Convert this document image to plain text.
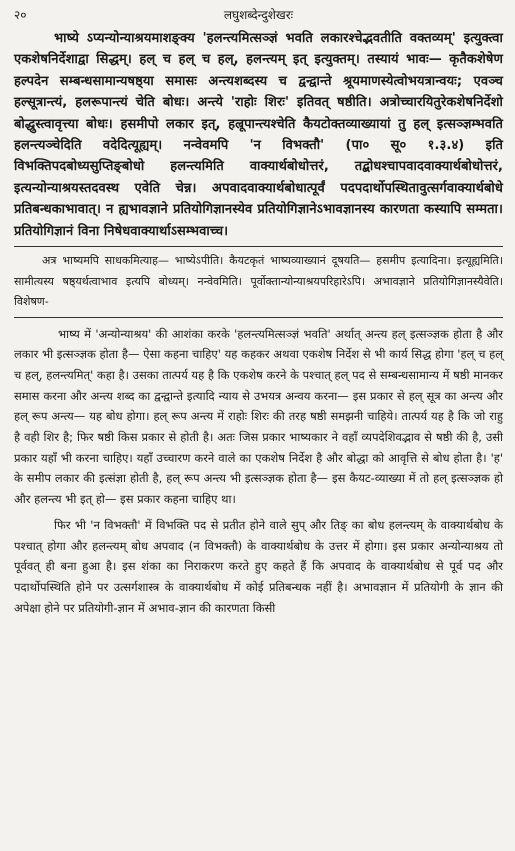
२०	लघुशब्देन्दुशेखरः

भाष्ये ऽप्यन्योन्याश्रयमाशङ्क्य 'हलन्त्यमित्सञ्ज्ञं भवति लकारश्चेद्भवतीति वक्तव्यम्' इत्युक्त्वा एकशेषनिर्देशाद्वा सिद्धम्। हल् च हल् च हल्, हलन्त्यम् इत् इत्युक्तम्। तस्यायं भावः— कृतैकशेषेण हल्पदेन सम्बन्धसामान्यषष्ठ्या समासः अन्त्यशब्दस्य च द्वन्द्वान्ते श्रूयमाणस्येत्वोभयत्रान्वयः; एवञ्च हल्सूत्रान्त्यं, हलरूपान्त्यं चेति बोधः। अन्त्ये 'राहोः शिरः' इतिवत् षष्ठीति। अत्रोच्चारयितुरेकशेषनिर्देशो बोद्धुस्त्वावृत्त्या बोधः। हसमीपो लकार इत्, हल्रूपान्त्यश्चेति कैयटोक्तव्याख्यायां तु हल् इत्सञ्ज्ञम्भवति हलन्त्यञ्चेदिति वदेदित्यूह्यम्। नन्वेवमपि 'न विभक्तौ' (पा० सू० १.३.४) इति विभक्तिपदबोध्यसुप्तिङ्बोधो हलन्त्यमिति वाक्यार्थबोधोत्तरं, तद्बोधश्चापवादवाक्यार्थबोधोत्तरं, इत्यन्योन्याश्रयस्तदवस्थ एवेति चेन्न। अपवादवाक्यार्थबोधात्पूर्वं पदपदार्थोपस्थितावुत्सर्गवाक्यार्थबोधे प्रतिबन्धकाभावात्। न ह्यभावज्ञाने प्रतियोगिज्ञानस्येव प्रतियोगिज्ञानेऽभावज्ञानस्य कारणता कस्यापि सम्मता। प्रतियोगिज्ञानं विना निषेधवाक्यार्थाऽसम्भवाच्च।

अत्र भाष्यमपि साधकमित्याह— भाष्येऽपीति। कैयटकृतं भाष्यव्याख्यानं दूषयति— हसमीप इत्यादिना। इत्यूह्यमिति। सामीत्यस्य षष्ठ्यर्थत्वाभाव इत्यपि बोध्यम्। नन्वेवमिति। पूर्वोक्तान्योन्याश्रयपरिहारेऽपि। अभावज्ञाने प्रतियोगिज्ञानस्यैवेति। विशेषण-

भाष्य में 'अन्योन्याश्रय' की आशंका करके 'हलन्त्यमित्सञ्ज्ञं भवति' अर्थात् अन्त्य हल् इत्सञ्ज्ञक होता है और लकार भी इत्सञ्ज्ञक होता है— ऐसा कहना चाहिए' यह कहकर अथवा एकशेष निर्देश से भी कार्य सिद्ध होगा 'हल् च हल् च हल्, हलन्त्यमित्' कहा है। उसका तात्पर्य यह है कि एकशेष करने के पश्चात् हल् पद से सम्बन्धसामान्य में षष्ठी मानकर समास करना और अन्त्य शब्द का द्वन्द्वान्ते इत्यादि न्याय से उभयत्र अन्वय करना— इस प्रकार से हल् सूत्र का अन्त्य और हल् रूप अन्त्य— यह बोध होगा। हल् रूप अन्त्य में राहोः शिरः की तरह षष्ठी समझनी चाहिये। तात्पर्य यह है कि जो राहु है वही शिर है; फिर षष्ठी किस प्रकार से होती है। अतः जिस प्रकार भाष्यकार ने वहाँ व्यपदेशिवद्भाव से षष्ठी की है, उसी प्रकार यहाँ भी करना चाहिए। यहाँ उच्चारण करने वाले का एकशेष निर्देश है और बोद्धा को आवृत्ति से बोध होता है। 'ह' के समीप लकार की इत्संज्ञा होती है, हल् रूप अन्त्य भी इत्सञ्ज्ञक होता है— इस कैयट-व्याख्या में तो हल् इत्सञ्ज्ञक हो और हलन्त्य भी इत् हो— इस प्रकार कहना चाहिए था।

फिर भी 'न विभक्तौ' में विभक्ति पद से प्रतीत होने वाले सुप् और तिङ् का बोध हलन्त्यम् के वाक्यार्थबोध के पश्चात् होगा और हलन्त्यम् बोध अपवाद (न विभक्तौ) के वाक्यार्थबोध के उत्तर में होगा। इस प्रकार अन्योन्याश्रय तो पूर्ववत् ही बना हुआ है। इस शंका का निराकरण करते हुए कहते हैं कि अपवाद के वाक्यार्थबोध से पूर्व पद और पदार्थोपस्थिति होने पर उत्सर्गशास्त्र के वाक्यार्थबोध में कोई प्रतिबन्धक नहीं है। अभावज्ञान में प्रतियोगी के ज्ञान की अपेक्षा होने पर प्रतियोगी-ज्ञान में अभाव-ज्ञान की कारणता किसी
